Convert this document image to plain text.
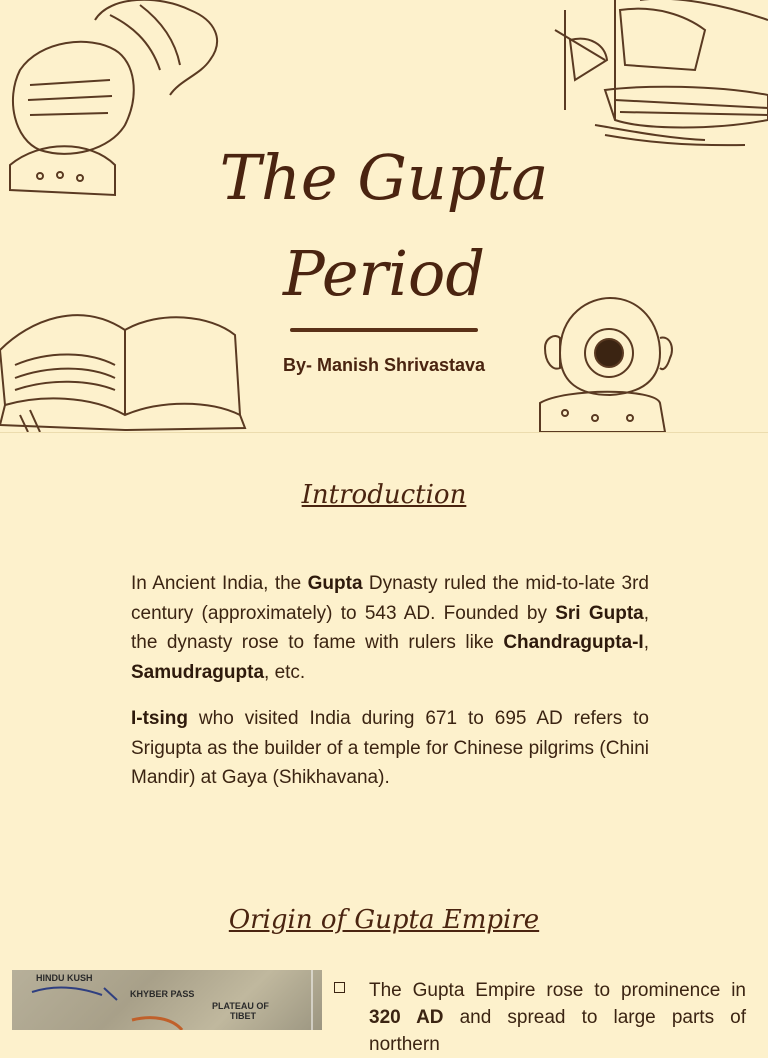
The Gupta
Period
By- Manish Shrivastava
Introduction

In Ancient India, the Gupta Dynasty ruled the mid-to-late 3rd century (approximately) to 543 AD. Founded by Sri Gupta, the dynasty rose to fame with rulers like Chandragupta-I, Samudragupta, etc.

I-tsing who visited India during 671 to 695 AD refers to Srigupta as the builder of a temple for Chinese pilgrims (Chini Mandir) at Gaya (Shikhavana).

Origin of Gupta Empire
HINDU KUSH
KHYBER PASS
PLATEAU OF
TIBET
The Gupta Empire rose to prominence in 320 AD and spread to large parts of northern
